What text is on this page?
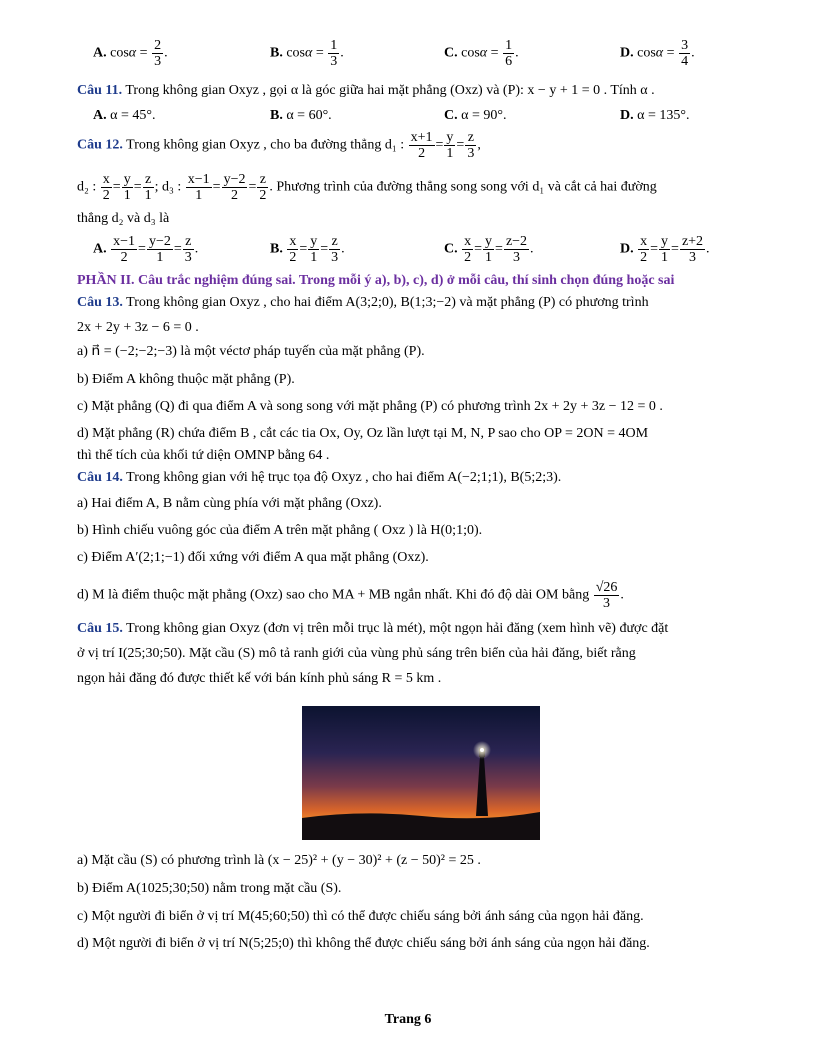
A. $\cos\alpha = \frac{2}{3}$ .	B. $\cos\alpha = \frac{1}{3}$ .	C. $\cos\alpha = \frac{1}{6}$ .	D. $\cos\alpha = \frac{3}{4}$ .
Câu 11. Trong không gian Oxyz , gọi α là góc giữa hai mặt phẳng (Oxz) và (P): x − y + 1 = 0 . Tính α .
A. α = 45°.	B. α = 60°.	C. α = 90°.	D. α = 135°.
Câu 12. Trong không gian Oxyz , cho ba đường thẳng d₁ : $\frac{x+1}{2} = \frac{y}{1} = \frac{z}{3}$ ,
d₂ : $\frac{x}{2} = \frac{y}{1} = \frac{z}{1}$ ; d₃ : $\frac{x-1}{1} = \frac{y-2}{2} = \frac{z}{2}$ . Phương trình của đường thẳng song song với d₁ và cắt cả hai đường
thẳng d₂ và d₃ là
A. $\frac{x-1}{2} = \frac{y-2}{1} = \frac{z}{3}$ .	B. $\frac{x}{2} = \frac{y}{1} = \frac{z}{3}$ .	C. $\frac{x}{2} = \frac{y}{1} = \frac{z-2}{3}$ .	D. $\frac{x}{2} = \frac{y}{1} = \frac{z+2}{3}$ .
PHẦN II. Câu trắc nghiệm đúng sai. Trong mỗi ý a), b), c), d) ở mỗi câu, thí sinh chọn đúng hoặc sai
Câu 13. Trong không gian Oxyz , cho hai điểm A(3;2;0), B(1;3;−2) và mặt phẳng (P) có phương trình
2x + 2y + 3z − 6 = 0 .
a) n⃗ = (−2;−2;−3) là một véctơ pháp tuyến của mặt phẳng (P).
b) Điểm A không thuộc mặt phẳng (P).
c) Mặt phẳng (Q) đi qua điểm A và song song với mặt phẳng (P) có phương trình 2x + 2y + 3z − 12 = 0 .
d) Mặt phẳng (R) chứa điểm B , cắt các tia Ox, Oy, Oz lần lượt tại M, N, P sao cho OP = 2ON = 4OM
thì thể tích của khối tứ diện OMNP bằng 64 .
Câu 14. Trong không gian với hệ trục tọa độ Oxyz , cho hai điểm A(−2;1;1), B(5;2;3).
a) Hai điểm A, B nằm cùng phía với mặt phẳng (Oxz).
b) Hình chiếu vuông góc của điểm A trên mặt phẳng ( Oxz ) là H(0;1;0).
c) Điểm A′(2;1;−1) đối xứng với điểm A qua mặt phẳng (Oxz).
d) M là điểm thuộc mặt phẳng (Oxz) sao cho MA + MB ngắn nhất. Khi đó độ dài OM bằng $\frac{√26}{3}$ .
Câu 15. Trong không gian Oxyz (đơn vị trên mỗi trục là mét), một ngọn hải đăng (xem hình vẽ) được đặt
ở vị trí I(25;30;50). Mặt cầu (S) mô tả ranh giới của vùng phủ sáng trên biển của hải đăng, biết rằng
ngọn hải đăng đó được thiết kế với bán kính phủ sáng R = 5 km .
a) Mặt cầu (S) có phương trình là (x − 25)² + (y − 30)² + (z − 50)² = 25 .
b) Điểm A(1025;30;50) nằm trong mặt cầu (S).
c) Một người đi biển ở vị trí M(45;60;50) thì có thể được chiếu sáng bởi ánh sáng của ngọn hải đăng.
d) Một người đi biển ở vị trí N(5;25;0) thì không thể được chiếu sáng bởi ánh sáng của ngọn hải đăng.
Trang 6
